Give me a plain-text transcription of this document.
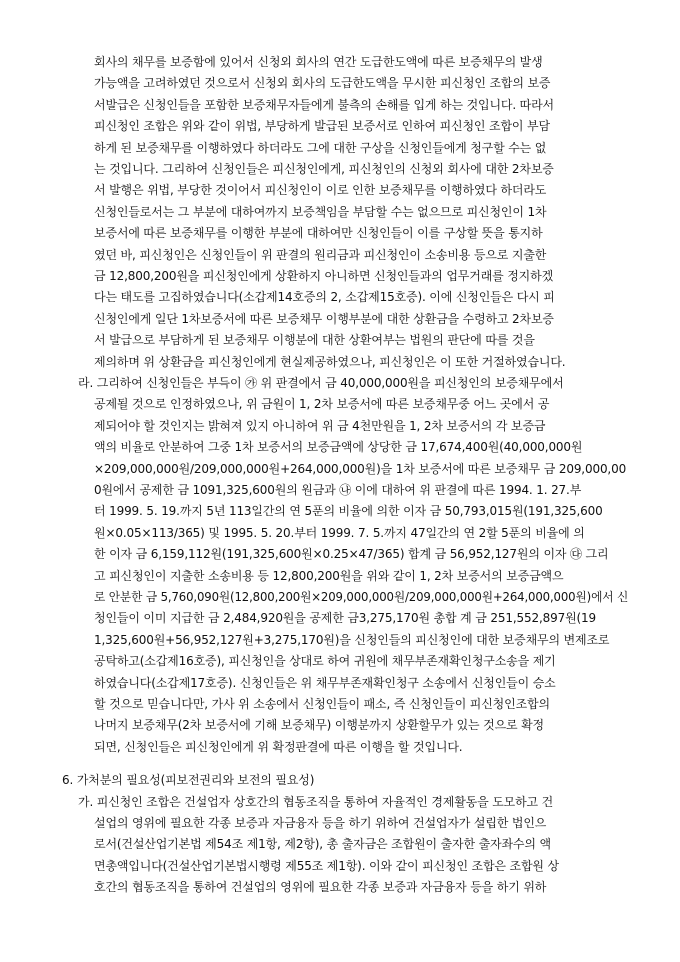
회사의 채무를 보증함에 있어서 신청외 회사의 연간 도급한도액에 따른 보증채무의 발생
가능액을 고려하였던 것으로서 신청외 회사의 도급한도액을 무시한 피신청인 조합의 보증
서발급은 신청인들을 포함한 보증채무자들에게 불측의 손해를 입게 하는 것입니다. 따라서
피신청인 조합은 위와 같이 위법, 부당하게 발급된 보증서로 인하여 피신청인 조합이 부담
하게 된 보증채무를 이행하였다 하더라도 그에 대한 구상을 신청인들에게 청구할 수는 없
는 것입니다. 그리하여 신청인들은 피신청인에게, 피신청인의 신청외 회사에 대한 2차보증
서 발행은 위법, 부당한 것이어서 피신청인이 이로 인한 보증채무를 이행하였다 하더라도
신청인들로서는 그 부분에 대하여까지 보증책임을 부담할 수는 없으므로 피신청인이 1차
보증서에 따른 보증채무를 이행한 부분에 대하여만 신청인들이 이를 구상할 뜻을 통지하
였던 바, 피신청인은 신청인들이 위 판결의 원리금과 피신청인이 소송비용 등으로 지출한
금 12,800,200원을 피신청인에게 상환하지 아니하면 신청인들과의 업무거래를 정지하겠
다는 태도를 고집하였습니다(소갑제14호증의 2, 소갑제15호증). 이에 신청인들은 다시 피
신청인에게 일단 1차보증서에 따른 보증채무 이행부분에 대한 상환금을 수령하고 2차보증
서 발급으로 부담하게 된 보증채무 이행분에 대한 상환여부는 법원의 판단에 따를 것을
제의하며 위 상환금을 피신청인에게 현실제공하였으나, 피신청인은 이 또한 거절하였습니다.
라. 그리하여 신청인들은 부득이 ㉮ 위 판결에서 금 40,000,000원을 피신청인의 보증채무에서
공제될 것으로 인정하였으나, 위 금원이 1, 2차 보증서에 따른 보증채무중 어느 곳에서 공
제되어야 할 것인지는 밝혀져 있지 아니하여 위 금 4천만원을 1, 2차 보증서의 각 보증금
액의 비율로 안분하여 그중 1차 보증서의 보증금액에 상당한 금 17,674,400원(40,000,000원
×209,000,000원/209,000,000원+264,000,000원)을 1차 보증서에 따른 보증채무 금 209,000,00
0원에서 공제한 금 1091,325,600원의 원금과 ㉯ 이에 대하여 위 판결에 따른 1994. 1. 27.부
터 1999. 5. 19.까지 5년 113일간의 연 5푼의 비율에 의한 이자 금 50,793,015원(191,325,600
원×0.05×113/365) 및 1995. 5. 20.부터 1999. 7. 5.까지 47일간의 연 2할 5푼의 비율에 의
한 이자 금 6,159,112원(191,325,600원×0.25×47/365) 합계 금 56,952,127원의 이자 ㉰ 그리
고 피신청인이 지출한 소송비용 등 12,800,200원을 위와 같이 1, 2차 보증서의 보증금액으
로 안분한 금 5,760,090원(12,800,200원×209,000,000원/209,000,000원+264,000,000원)에서 신
청인들이 이미 지급한 금 2,484,920원을 공제한 금3,275,170원 총합 계 금 251,552,897원(19
1,325,600원+56,952,127원+3,275,170원)을 신청인들의 피신청인에 대한 보증채무의 변제조로
공탁하고(소갑제16호증), 피신청인을 상대로 하여 귀원에 채무부존재확인청구소송을 제기
하였습니다(소갑제17호증). 신청인들은 위 채무부존재확인청구 소송에서 신청인들이 승소
할 것으로 믿습니다만, 가사 위 소송에서 신청인들이 패소, 즉 신청인들이 피신청인조합의
나머지 보증채무(2차 보증서에 기해 보증채무) 이행분까지 상환할무가 있는 것으로 확정
되면, 신청인들은 피신청인에게 위 확정판결에 따른 이행을 할 것입니다.
6. 가처분의 필요성(피보전권리와 보전의 필요성)
가. 피신청인 조합은 건설업자 상호간의 협동조직을 통하여 자율적인 경제활동을 도모하고 건
설업의 영위에 필요한 각종 보증과 자금융자 등을 하기 위하여 건설업자가 설립한 법인으
로서(건설산업기본법 제54조 제1항, 제2항), 총 출자금은 조합원이 출자한 출자좌수의 액
면총액입니다(건설산업기본법시행령 제55조 제1항). 이와 같이 피신청인 조합은 조합원 상
호간의 협동조직을 통하여 건설업의 영위에 필요한 각종 보증과 자금융자 등을 하기 위하
